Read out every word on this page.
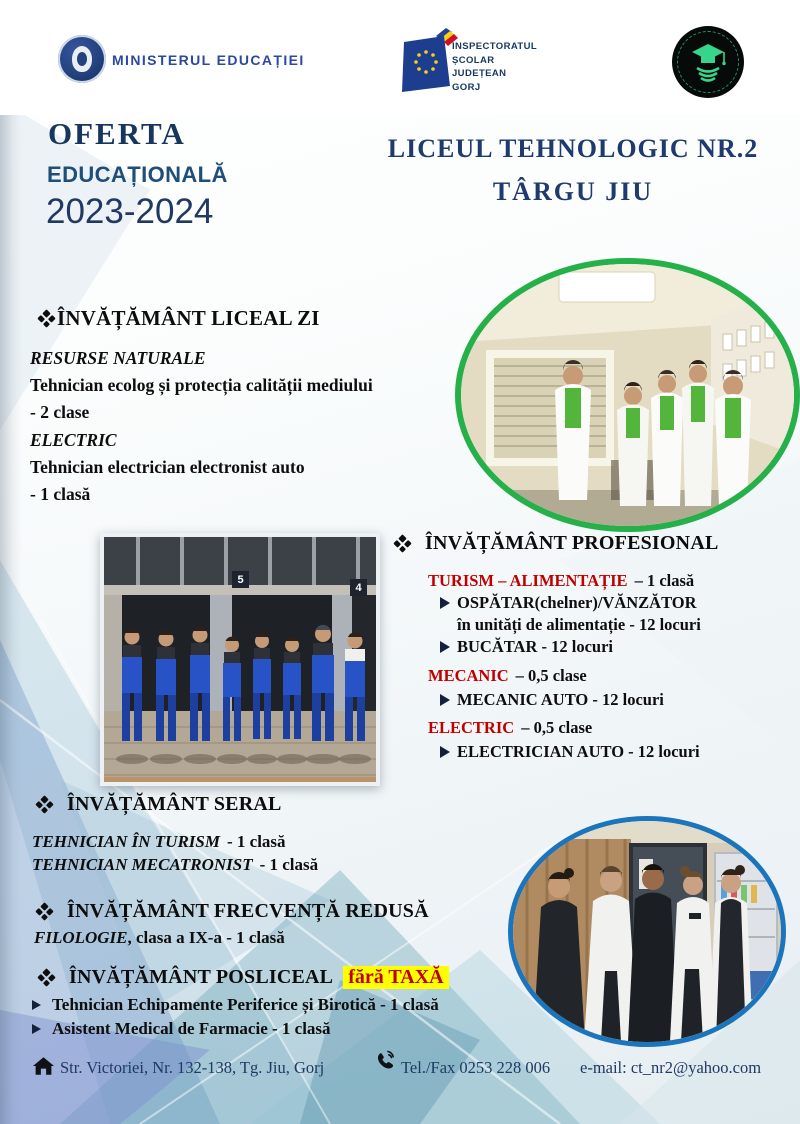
MINISTERUL EDUCAȚIEI
INSPECTORATUL
ȘCOLAR
JUDEȚEAN
GORJ
OFERTA
EDUCAȚIONALĂ
2023-2024
LICEUL TEHNOLOGIC NR.2
TÂRGU JIU
ÎNVĂȚĂMÂNT LICEAL ZI
RESURSE NATURALE
Tehnician ecolog și protecția calității mediului
- 2 clase
ELECTRIC
Tehnician electrician electronist auto
- 1 clasă
5
4
ÎNVĂȚĂMÂNT PROFESIONAL
TURISM – ALIMENTAȚIE – 1 clasă
OSPĂTAR(chelner)/VĂNZĂTOR
în unități de alimentație - 12 locuri
BUCĂTAR - 12 locuri
MECANIC – 0,5 clase
MECANIC AUTO - 12 locuri
ELECTRIC – 0,5 clase
ELECTRICIAN AUTO - 12 locuri
ÎNVĂȚĂMÂNT SERAL
TEHNICIAN ÎN TURISM - 1 clasă
TEHNICIAN MECATRONIST - 1 clasă
ÎNVĂȚĂMÂNT FRECVENȚĂ REDUSĂ
FILOLOGIE, clasa a IX-a - 1 clasă
ÎNVĂȚĂMÂNT POSLICEAL fără TAXĂ
Tehnician Echipamente Periferice și Birotică - 1 clasă
Asistent Medical de Farmacie - 1 clasă
Str. Victoriei, Nr. 132-138, Tg. Jiu, Gorj	Tel./Fax 0253 228 006 e-mail: ct_nr2@yahoo.com
